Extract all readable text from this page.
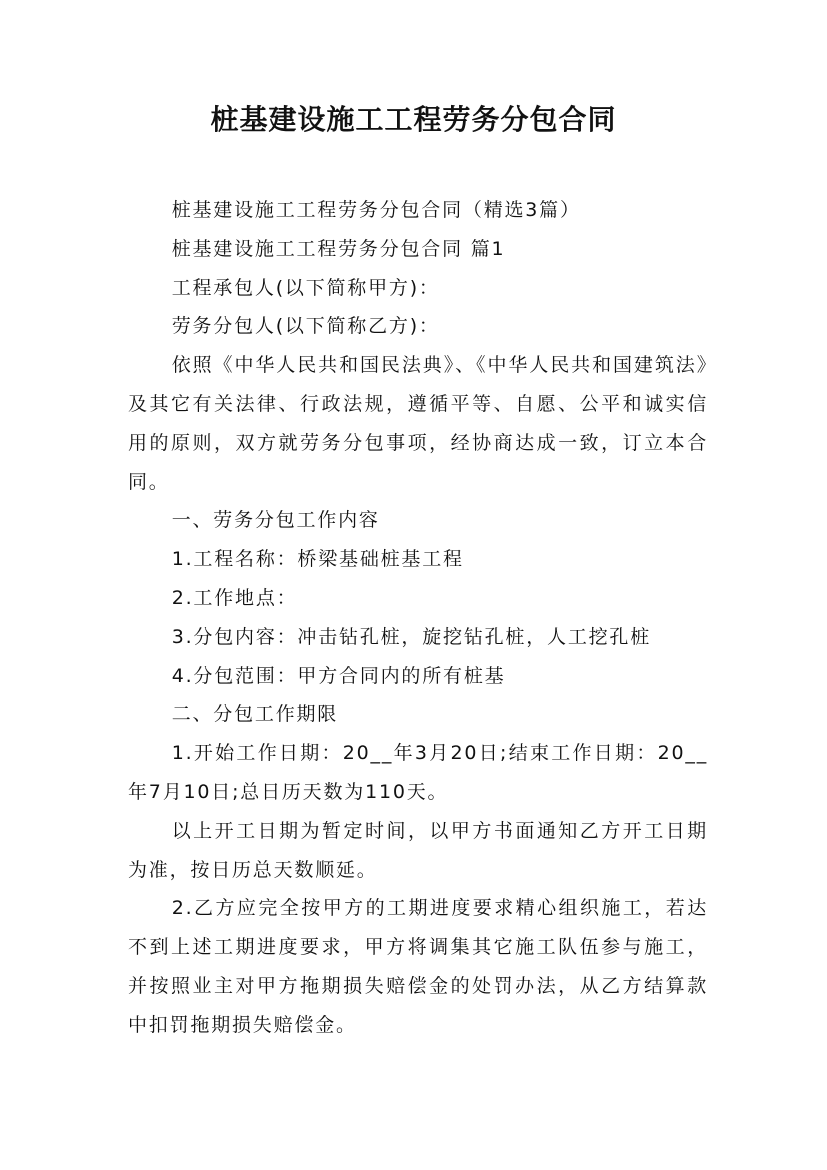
桩基建设施工工程劳务分包合同

桩基建设施工工程劳务分包合同（精选3篇）

桩基建设施工工程劳务分包合同 篇1

工程承包人(以下简称甲方)：

劳务分包人(以下简称乙方)：

依照《中华人民共和国民法典》、《中华人民共和国建筑法》及其它有关法律、行政法规，遵循平等、自愿、公平和诚实信用的原则，双方就劳务分包事项，经协商达成一致，订立本合同。

一、劳务分包工作内容

1.工程名称：桥梁基础桩基工程

2.工作地点：

3.分包内容：冲击钻孔桩，旋挖钻孔桩，人工挖孔桩

4.分包范围：甲方合同内的所有桩基

二、分包工作期限

1.开始工作日期：20__年3月20日;结束工作日期：20__年7月10日;总日历天数为110天。

以上开工日期为暂定时间，以甲方书面通知乙方开工日期为准，按日历总天数顺延。

2.乙方应完全按甲方的工期进度要求精心组织施工，若达不到上述工期进度要求，甲方将调集其它施工队伍参与施工，并按照业主对甲方拖期损失赔偿金的处罚办法，从乙方结算款中扣罚拖期损失赔偿金。
